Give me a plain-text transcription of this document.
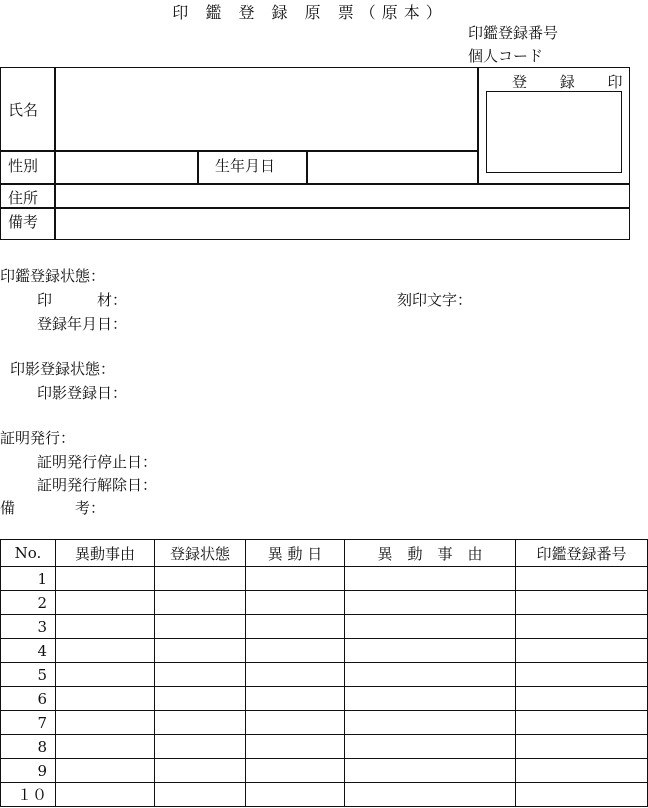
印 鑑 登 録 原 票（原本）
印鑑登録番号
個人コード
氏名
性別	生年月日
住所
備考
登 録 印
印鑑登録状態：
印　　　材：	刻印文字：
登録年月日：
印影登録状態：
印影登録日：
証明発行：
証明発行停止日：
証明発行解除日：
備　　　　考：
No.	異動事由	登録状態	異 動 日	異　動　事　由	印鑑登録番号
1					
2					
3					
4					
5					
6					
7					
8					
9					
１０					
